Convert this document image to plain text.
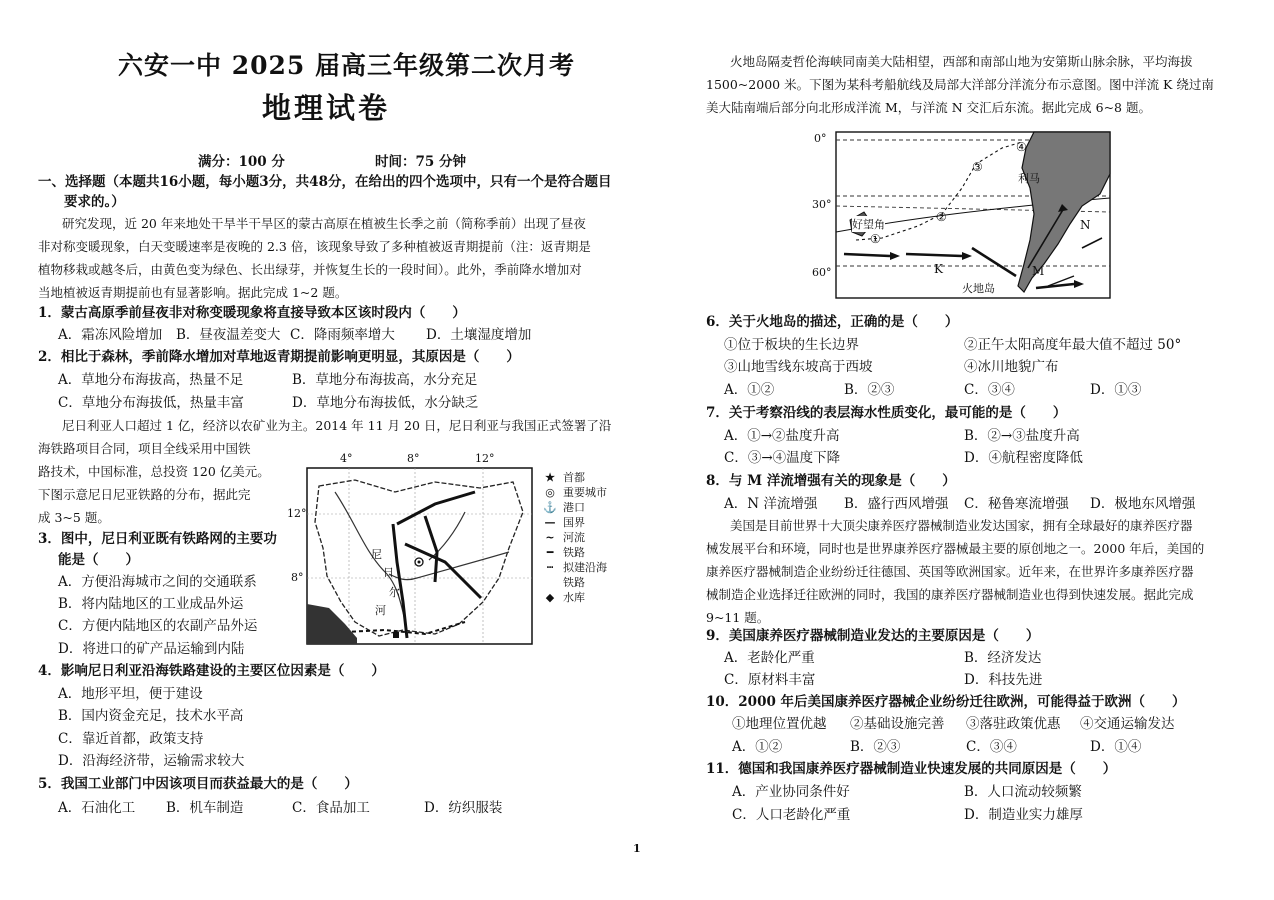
六安一中 2025 届高三年级第二次月考
地理试卷
满分：100 分	时间：75 分钟
一、选择题（本题共16小题，每小题3分，共48分，在给出的四个选项中，只有一个是符合题目
要求的。）
研究发现，近 20 年来地处干旱半干旱区的蒙古高原在植被生长季之前（简称季前）出现了昼夜
非对称变暖现象，白天变暖速率是夜晚的 2.3 倍，该现象导致了多种植被返青期提前（注：返青期是
植物移栽或越冬后，由黄色变为绿色、长出绿芽，并恢复生长的一段时间）。此外，季前降水增加对
当地植被返青期提前也有显著影响。据此完成 1~2 题。
1．蒙古高原季前昼夜非对称变暖现象将直接导致本区该时段内（　　）
A．霜冻风险增加 B．昼夜温差变大 C．降雨频率增大 D．土壤湿度增加
2．相比于森林，季前降水增加对草地返青期提前影响更明显，其原因是（　　）
A．草地分布海拔高，热量不足	B．草地分布海拔高，水分充足
C．草地分布海拔低，热量丰富	D．草地分布海拔低，水分缺乏
尼日利亚人口超过 1 亿，经济以农矿业为主。2014 年 11 月 20 日，尼日利亚与我国正式签署了沿
海铁路项目合同，项目全线采用中国铁
路技术，中国标准，总投资 120 亿美元。
下图示意尼日尼亚铁路的分布，据此完
成 3~5 题。
3．图中，尼日利亚既有铁路网的主要功
能是（　　）
A．方便沿海城市之间的交通联系
B．将内陆地区的工业成品外运
C．方便内陆地区的农副产品外运
D．将进口的矿产品运输到内陆
4°	8°	12°
12°
8°
尼
日
尔
河
★ 首都
◎ 重要城市
⚓ 港口
— 国界
~ 河流
━ 铁路
┅ 拟建沿海铁路
◆ 水库
4．影响尼日利亚沿海铁路建设的主要区位因素是（　　）
A．地形平坦，便于建设
B．国内资金充足，技术水平高
C．靠近首都，政策支持
D．沿海经济带，运输需求较大
5．我国工业部门中因该项目而获益最大的是（　　）
A．石油化工 B．机车制造	C．食品加工	D．纺织服装
火地岛隔麦哲伦海峡同南美大陆相望，西部和南部山地为安第斯山脉余脉，平均海拔
1500~2000 米。下图为某科考船航线及局部大洋部分洋流分布示意图。图中洋流 K 绕过南
美大陆南端后部分向北形成洋流 M，与洋流 N 交汇后东流。据此完成 6~8 题。
0°
30°
60°
利马
好望角
火地岛
K	M
N
①
②
③
④
6．关于火地岛的描述，正确的是（　　）
①位于板块的生长边界	②正午太阳高度年最大值不超过 50°
③山地雪线东坡高于西坡	④冰川地貌广布
A．①②	B．②③	C．③④	D．①③
7．关于考察沿线的表层海水性质变化，最可能的是（　　）
A．①→②盐度升高	B．②→③盐度升高
C．③→④温度下降	D．④航程密度降低
8．与 M 洋流增强有关的现象是（　　）
A．N 洋流增强 B．盛行西风增强 C．秘鲁寒流增强 D．极地东风增强
美国是目前世界十大顶尖康养医疗器械制造业发达国家，拥有全球最好的康养医疗器
械发展平台和环境，同时也是世界康养医疗器械最主要的原创地之一。2000 年后，美国的
康养医疗器械制造企业纷纷迁往德国、英国等欧洲国家。近年来，在世界许多康养医疗器
械制造企业选择迁往欧洲的同时，我国的康养医疗器械制造业也得到快速发展。据此完成
9~11 题。
9．美国康养医疗器械制造业发达的主要原因是（　　）
A．老龄化严重	B．经济发达
C．原材料丰富	D．科技先进
10．2000 年后美国康养医疗器械企业纷纷迁往欧洲，可能得益于欧洲（　　）
①地理位置优越 ②基础设施完善 ③落驻政策优惠 ④交通运输发达
A．①②	B．②③	C．③④	D．①④
11．德国和我国康养医疗器械制造业快速发展的共同原因是（　　）
A．产业协同条件好	B．人口流动较频繁
C．人口老龄化严重	D．制造业实力雄厚
1
